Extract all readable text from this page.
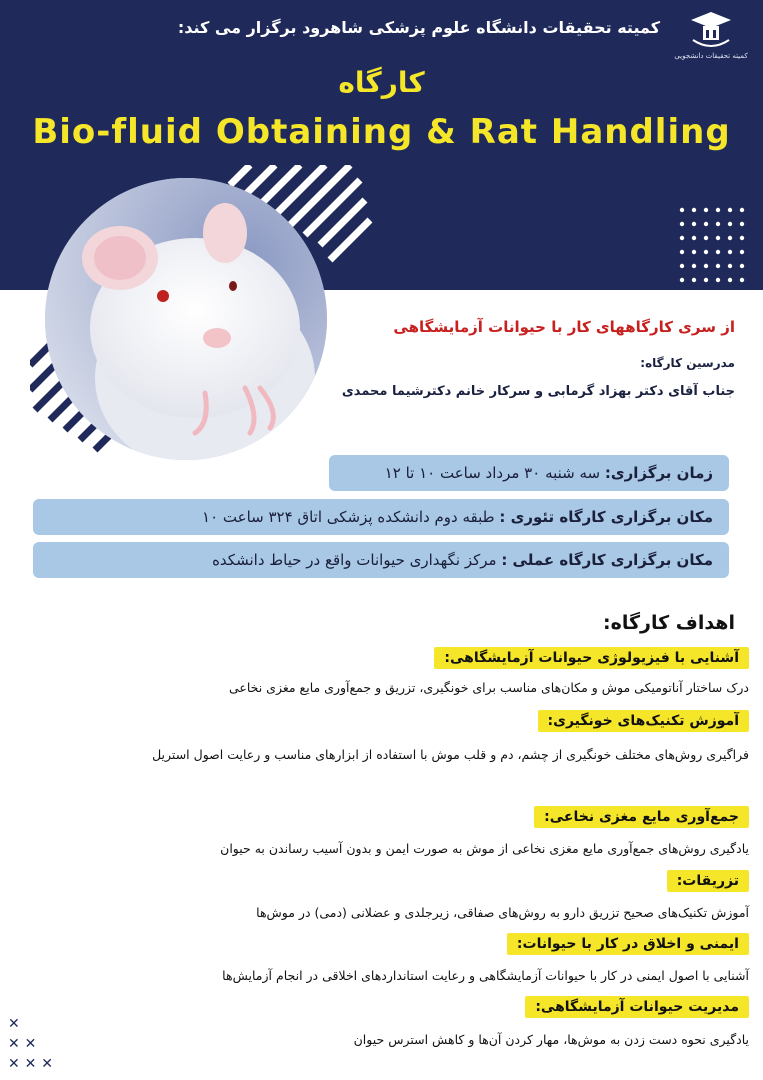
کمیته تحقیقات دانشجویی
کمیته تحقیقات دانشگاه علوم پزشکی شاهرود برگزار می کند:
کارگاه
Bio-fluid Obtaining & Rat Handling
از سری کارگاههای کار با حیوانات آزمایشگاهی
مدرسین کارگاه:
جناب آقای دکتر بهزاد گرمابی و سرکار خانم دکترشیما محمدی
زمان برگزاری: سه شنبه ۳۰ مرداد ساعت ۱۰ تا ۱۲
مکان برگزاری کارگاه تئوری : طبقه دوم دانشکده پزشکی اتاق ۳۲۴ ساعت ۱۰
مکان برگزاری کارگاه عملی : مرکز نگهداری حیوانات واقع در حیاط دانشکده
اهداف کارگاه:
آشنایی با فیزیولوژی حیوانات آزمایشگاهی:
درک ساختار آناتومیکی موش و مکان‌های مناسب برای خونگیری، تزریق و جمع‌آوری مایع مغزی نخاعی
آموزش تکنیک‌های خونگیری:
فراگیری روش‌های مختلف خونگیری از چشم، دم و قلب موش با استفاده از ابزارهای مناسب و رعایت اصول استریل
جمع‌آوری مایع مغزی نخاعی:
یادگیری روش‌های جمع‌آوری مایع مغزی نخاعی از موش به صورت ایمن و بدون آسیب رساندن به حیوان
تزریقات:
آموزش تکنیک‌های صحیح تزریق دارو به روش‌های صفاقی، زیرجلدی و عضلانی (دمی) در موش‌ها
ایمنی و اخلاق در کار با حیوانات:
آشنایی با اصول ایمنی در کار با حیوانات آزمایشگاهی و رعایت استانداردهای اخلاقی در انجام آزمایش‌ها
مدیریت حیوانات آزمایشگاهی:
یادگیری نحوه دست زدن به موش‌ها، مهار کردن آن‌ها و کاهش استرس حیوان
✕
✕ ✕
✕ ✕ ✕
